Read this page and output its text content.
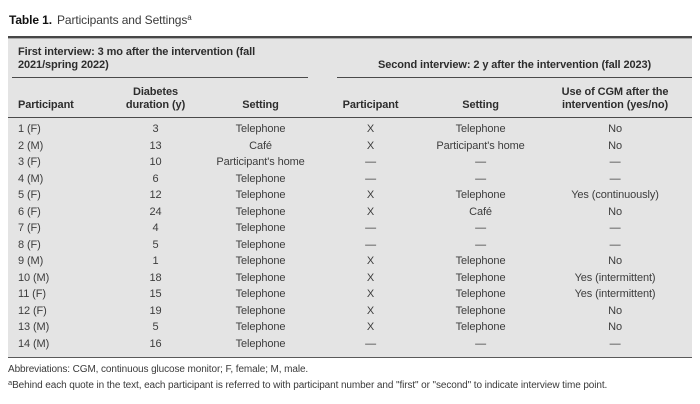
Table 1. Participants and Settings$^a$
First interview: 3 mo after the intervention (fall 2021/spring 2022)			Second interview: 2 y after the intervention (fall 2023)		

Participant	Diabetes duration (y)	Setting	Participant	Setting	Use of CGM after the intervention (yes/no)
1 (F)	3	Telephone	X	Telephone	No
2 (M)	13	Café	X	Participant's home	No
3 (F)	10	Participant's home	—	—	—
4 (M)	6	Telephone	—	—	—
5 (F)	12	Telephone	X	Telephone	Yes (continuously)
6 (F)	24	Telephone	X	Café	No
7 (F)	4	Telephone	—	—	—
8 (F)	5	Telephone	—	—	—
9 (M)	1	Telephone	X	Telephone	No
10 (M)	18	Telephone	X	Telephone	Yes (intermittent)
11 (F)	15	Telephone	X	Telephone	Yes (intermittent)
12 (F)	19	Telephone	X	Telephone	No
13 (M)	5	Telephone	X	Telephone	No
14 (M)	16	Telephone	—	—	—
Abbreviations: CGM, continuous glucose monitor; F, female; M, male.
$^a$Behind each quote in the text, each participant is referred to with participant number and "first" or "second" to indicate interview time point.
